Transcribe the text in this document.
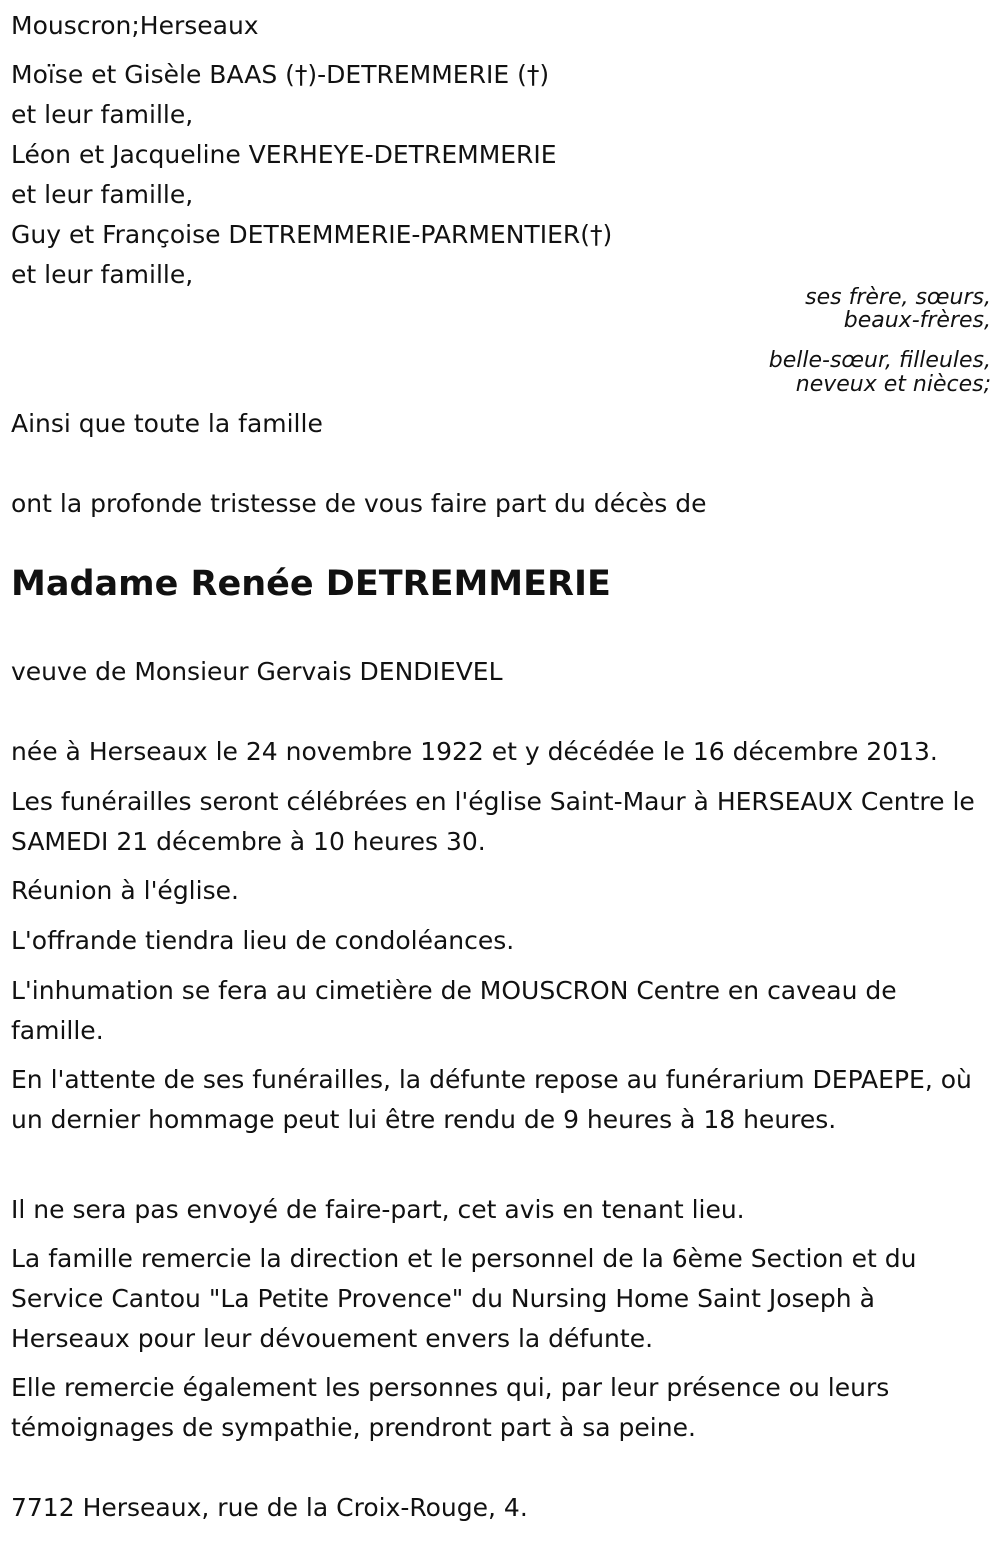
Mouscron;Herseaux
Moïse et Gisèle BAAS (†)-DETREMMERIE (†)
et leur famille,
Léon et Jacqueline VERHEYE-DETREMMERIE
et leur famille,
Guy et Françoise DETREMMERIE-PARMENTIER(†)
et leur famille,
ses frère, sœurs,
beaux-frères,
belle-sœur, filleules,
neveux et nièces;
Ainsi que toute la famille
ont la profonde tristesse de vous faire part du décès de
Madame Renée DETREMMERIE
veuve de Monsieur Gervais DENDIEVEL
née à Herseaux le 24 novembre 1922 et y décédée le 16 décembre 2013.
Les funérailles seront célébrées en l'église Saint-Maur à HERSEAUX Centre le SAMEDI 21 décembre à 10 heures 30.
Réunion à l'église.
L'offrande tiendra lieu de condoléances.
L'inhumation se fera au cimetière de MOUSCRON Centre en caveau de famille.
En l'attente de ses funérailles, la défunte repose au funérarium DEPAEPE, où un dernier hommage peut lui être rendu de 9 heures à 18 heures.
Il ne sera pas envoyé de faire-part, cet avis en tenant lieu.
La famille remercie la direction et le personnel de la 6ème Section et du Service Cantou "La Petite Provence" du Nursing Home Saint Joseph à Herseaux pour leur dévouement envers la défunte.
Elle remercie également les personnes qui, par leur présence ou leurs témoignages de sympathie, prendront part à sa peine.
7712 Herseaux, rue de la Croix-Rouge, 4.
